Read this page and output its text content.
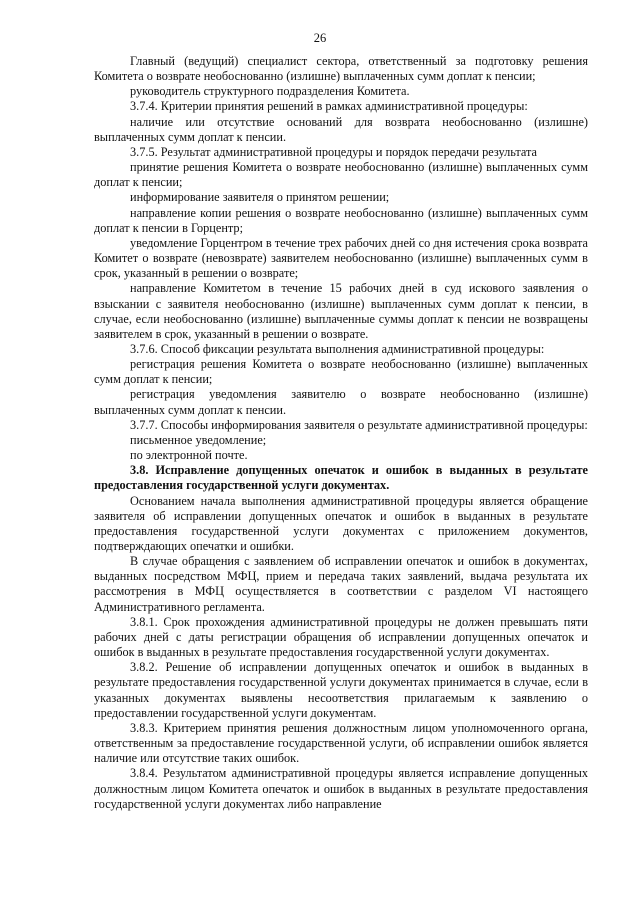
26

Главный (ведущий) специалист сектора, ответственный за подготовку решения Комитета о возврате необоснованно (излишне) выплаченных сумм доплат к пенсии;

руководитель структурного подразделения Комитета.

3.7.4. Критерии принятия решений в рамках административной процедуры:

наличие или отсутствие оснований для возврата необоснованно (излишне) выплаченных сумм доплат к пенсии.

3.7.5. Результат административной процедуры и порядок передачи результата

принятие решения Комитета о возврате необоснованно (излишне) выплаченных сумм доплат к пенсии;

информирование заявителя о принятом решении;

направление копии решения о возврате необоснованно (излишне) выплаченных сумм доплат к пенсии в Горцентр;

уведомление Горцентром в течение трех рабочих дней со дня истечения срока возврата Комитет о возврате (невозврате) заявителем необоснованно (излишне) выплаченных сумм в срок, указанный в решении о возврате;

направление Комитетом в течение 15 рабочих дней в суд искового заявления о взыскании с заявителя необоснованно (излишне) выплаченных сумм доплат к пенсии, в случае, если необоснованно (излишне) выплаченные суммы доплат к пенсии не возвращены заявителем в срок, указанный в решении о возврате.

3.7.6. Способ фиксации результата выполнения административной процедуры:

регистрация решения Комитета о возврате необоснованно (излишне) выплаченных сумм доплат к пенсии;

регистрация уведомления заявителю о возврате необоснованно (излишне) выплаченных сумм доплат к пенсии.

3.7.7. Способы информирования заявителя о результате административной процедуры:

письменное уведомление;

по электронной почте.

3.8. Исправление допущенных опечаток и ошибок в выданных в результате предоставления государственной услуги документах.

Основанием начала выполнения административной процедуры является обращение заявителя об исправлении допущенных опечаток и ошибок в выданных в результате предоставления государственной услуги документах с приложением документов, подтверждающих опечатки и ошибки.

В случае обращения с заявлением об исправлении опечаток и ошибок в документах, выданных посредством МФЦ, прием и передача таких заявлений, выдача результата их рассмотрения в МФЦ осуществляется в соответствии с разделом VI настоящего Административного регламента.

3.8.1. Срок прохождения административной процедуры не должен превышать пяти рабочих дней с даты регистрации обращения об исправлении допущенных опечаток и ошибок в выданных в результате предоставления государственной услуги документах.

3.8.2. Решение об исправлении допущенных опечаток и ошибок в выданных в результате предоставления государственной услуги документах принимается в случае, если в указанных документах выявлены несоответствия прилагаемым к заявлению о предоставлении государственной услуги документам.

3.8.3. Критерием принятия решения должностным лицом уполномоченного органа, ответственным за предоставление государственной услуги, об исправлении ошибок является наличие или отсутствие таких ошибок.

3.8.4. Результатом административной процедуры является исправление допущенных должностным лицом Комитета опечаток и ошибок в выданных в результате предоставления государственной услуги документах либо направление
